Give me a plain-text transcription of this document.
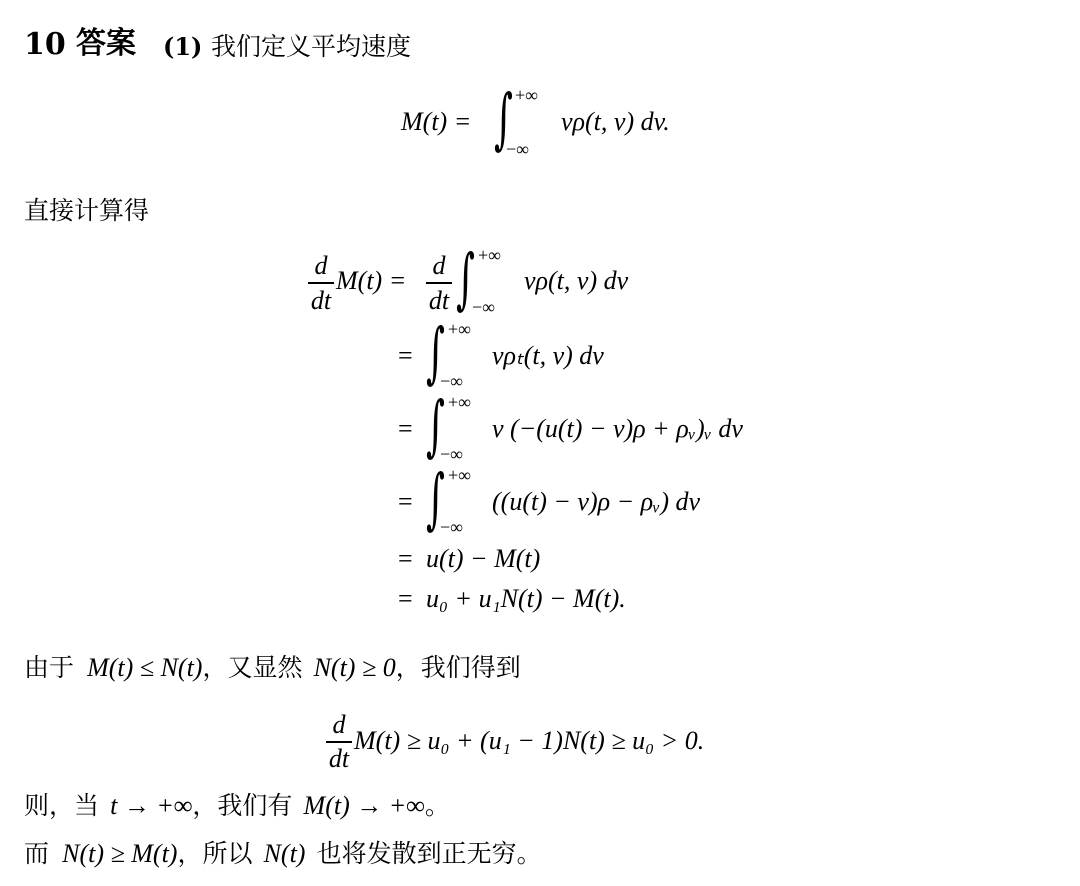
10 答案 (1) 我们定义平均速度
M(t) = ∫ +∞
−∞
vρ(t, v) dv.
直接计算得
d
dt
M(t) =
d
dt ∫ +∞
−∞
vρ(t, v) dv
= ∫ +∞
−∞
vρₜ(t, v) dv
= ∫ +∞
−∞
v (−(u(t) − v)ρ + ρᵥ)ᵥ dv
= ∫ +∞
−∞
((u(t) − v)ρ − ρᵥ) dv
= u(t) − M(t)
= u₀ + u₁N(t) − M(t).
由于 M(t) ≤ N(t)，又显然 N(t) ≥ 0，我们得到
d
dt
M(t) ≥ u₀ + (u₁ − 1)N(t) ≥ u₀ > 0.
则，当 t → +∞，我们有 M(t) → +∞。
而 N(t) ≥ M(t)，所以 N(t) 也将发散到正无穷。
